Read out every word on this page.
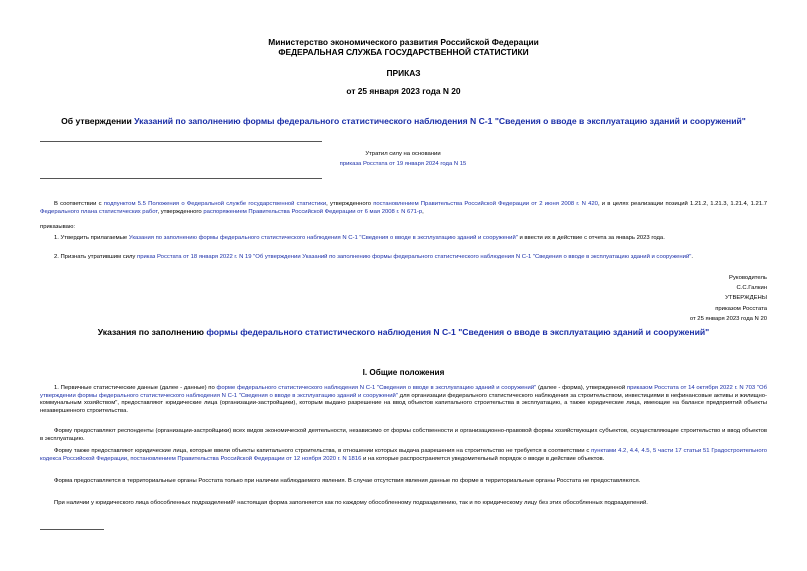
Министерство экономического развития Российской Федерации
ФЕДЕРАЛЬНАЯ СЛУЖБА ГОСУДАРСТВЕННОЙ СТАТИСТИКИ
ПРИКАЗ
от 25 января 2023 года N 20
Об утверждении Указаний по заполнению формы федерального статистического наблюдения N С-1 "Сведения о вводе в эксплуатацию зданий и сооружений"
Утратил силу на основании
приказа Росстата от 19 января 2024 года N 15
В соответствии с подпунктом 5.5 Положения о Федеральной службе государственной статистики, утвержденного постановлением Правительства Российской Федерации от 2 июня 2008 г. N 420, и в целях реализации позиций 1.21.2, 1.21.3, 1.21.4, 1.21.7 Федерального плана статистических работ, утвержденного распоряжением Правительства Российской Федерации от 6 мая 2008 г. N 671-р,
приказываю:
1. Утвердить прилагаемые Указания по заполнению формы федерального статистического наблюдения N С-1 "Сведения о вводе в эксплуатацию зданий и сооружений" и ввести их в действие с отчета за январь 2023 года.
2. Признать утратившим силу приказ Росстата от 18 января 2022 г. N 19 "Об утверждении Указаний по заполнению формы федерального статистического наблюдения N С-1 "Сведения о вводе в эксплуатацию зданий и сооружений".
Руководитель
С.С.Галкин
УТВЕРЖДЕНЫ
приказом Росстата
от 25 января 2023 года N 20
Указания по заполнению формы федерального статистического наблюдения N С-1 "Сведения о вводе в эксплуатацию зданий и сооружений"
I. Общие положения
1. Первичные статистические данные (далее - данные) по форме федерального статистического наблюдения N С-1 "Сведения о вводе в эксплуатацию зданий и сооружений" (далее - форма), утвержденной приказом Росстата от 14 октября 2022 г. N 703 "Об утверждении формы федерального статистического наблюдения N С-1 "Сведения о вводе в эксплуатацию зданий и сооружений" для организации федерального статистического наблюдения за строительством, инвестициями в нефинансовые активы и жилищно-коммунальным хозяйством", предоставляют юридические лица (организации-застройщики), которым выдано разрешение на ввод объектов капитального строительства в эксплуатацию, а также юридические лица, имеющие на балансе предприятий объекты незавершенного строительства.
Форму предоставляют респонденты (организации-застройщики) всех видов экономической деятельности, независимо от формы собственности и организационно-правовой формы хозяйствующих субъектов, осуществляющие строительство и ввод объектов в эксплуатацию.
Форму также предоставляют юридические лица, которые ввели объекты капитального строительства, в отношении которых выдача разрешения на строительство не требуется в соответствии с пунктами 4.2, 4.4, 4.5, 5 части 17 статьи 51 Градостроительного кодекса Российской Федерации, постановлением Правительства Российской Федерации от 12 ноября 2020 г. N 1816 и на которые распространяется уведомительный порядок о вводе в действие объектов.
Форма предоставляется в территориальные органы Росстата только при наличии наблюдаемого явления. В случае отсутствия явления данные по форме в территориальные органы Росстата не предоставляются.
При наличии у юридического лица обособленных подразделений¹ настоящая форма заполняется как по каждому обособленному подразделению, так и по юридическому лицу без этих обособленных подразделений.
